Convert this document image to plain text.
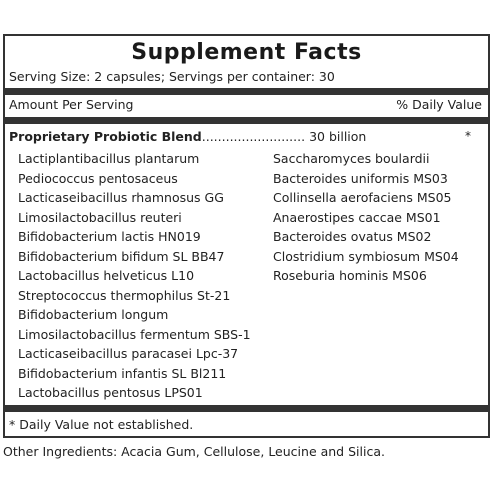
Supplement Facts
Serving Size: 2 capsules; Servings per container: 30
Amount Per Serving	% Daily Value
Proprietary Probiotic Blend.......................... 30 billion	*
Lactiplantibacillus plantarum
Pediococcus pentosaceus
Lacticaseibacillus rhamnosus GG
Limosilactobacillus reuteri
Bifidobacterium lactis HN019
Bifidobacterium bifidum SL BB47
Lactobacillus helveticus L10
Streptococcus thermophilus St-21
Bifidobacterium longum
Limosilactobacillus fermentum SBS-1
Lacticaseibacillus paracasei Lpc-37
Bifidobacterium infantis SL Bl211
Lactobacillus pentosus LPS01
Saccharomyces boulardii
Bacteroides uniformis MS03
Collinsella aerofaciens MS05
Anaerostipes caccae MS01
Bacteroides ovatus MS02
Clostridium symbiosum MS04
Roseburia hominis MS06
* Daily Value not established.
Other Ingredients: Acacia Gum, Cellulose, Leucine and Silica.
